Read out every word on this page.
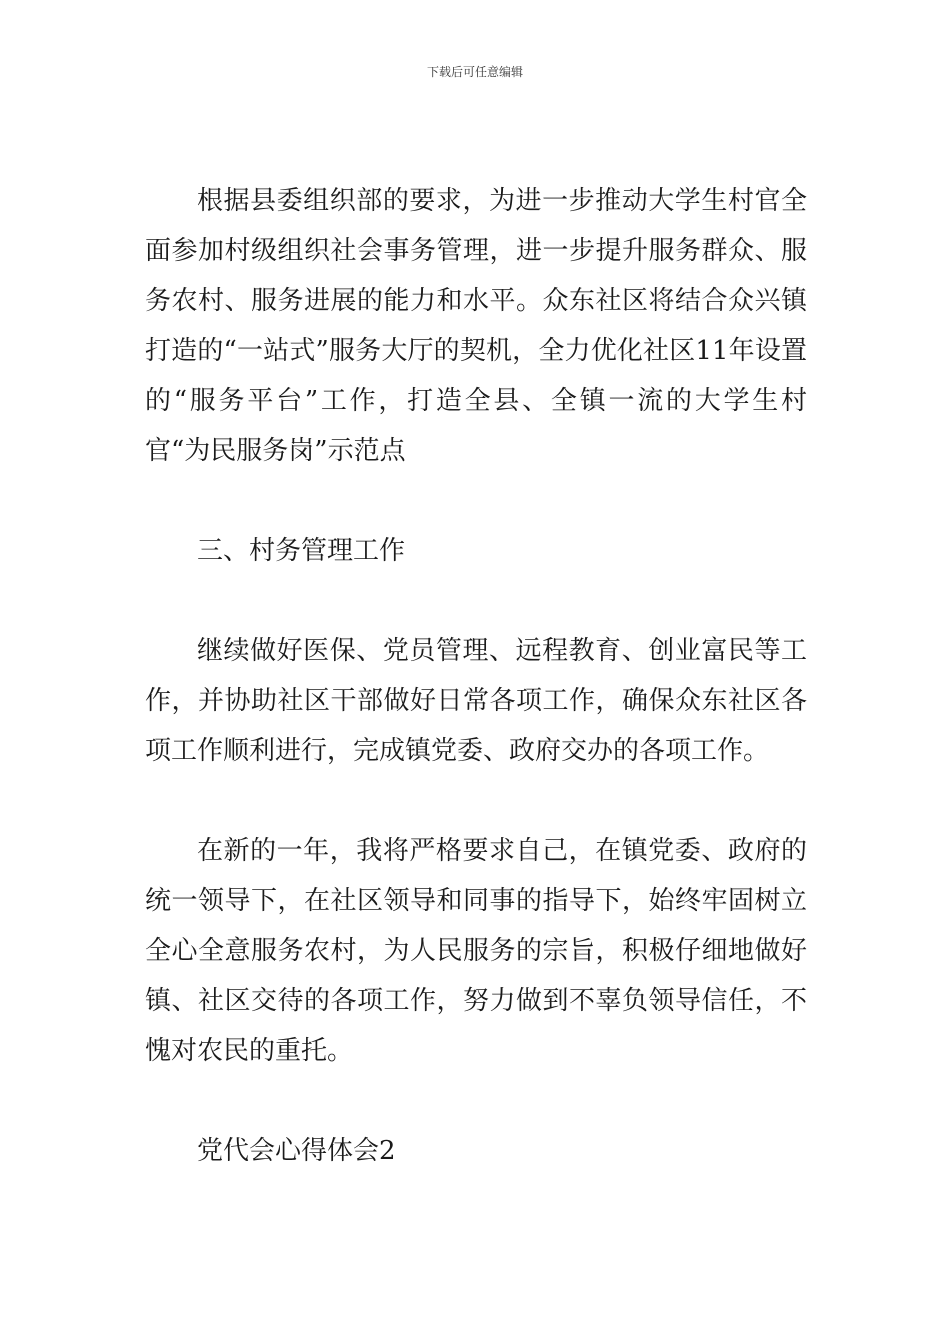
下载后可任意编辑

根据县委组织部的要求，为进一步推动大学生村官全面参加村级组织社会事务管理，进一步提升服务群众、服务农村、服务进展的能力和水平。众东社区将结合众兴镇打造的“一站式”服务大厅的契机，全力优化社区11年设置的“服务平台”工作，打造全县、全镇一流的大学生村官“为民服务岗”示范点

三、村务管理工作

继续做好医保、党员管理、远程教育、创业富民等工作，并协助社区干部做好日常各项工作，确保众东社区各项工作顺利进行，完成镇党委、政府交办的各项工作。

在新的一年，我将严格要求自己，在镇党委、政府的统一领导下，在社区领导和同事的指导下，始终牢固树立全心全意服务农村，为人民服务的宗旨，积极仔细地做好镇、社区交待的各项工作，努力做到不辜负领导信任，不愧对农民的重托。

党代会心得体会2
